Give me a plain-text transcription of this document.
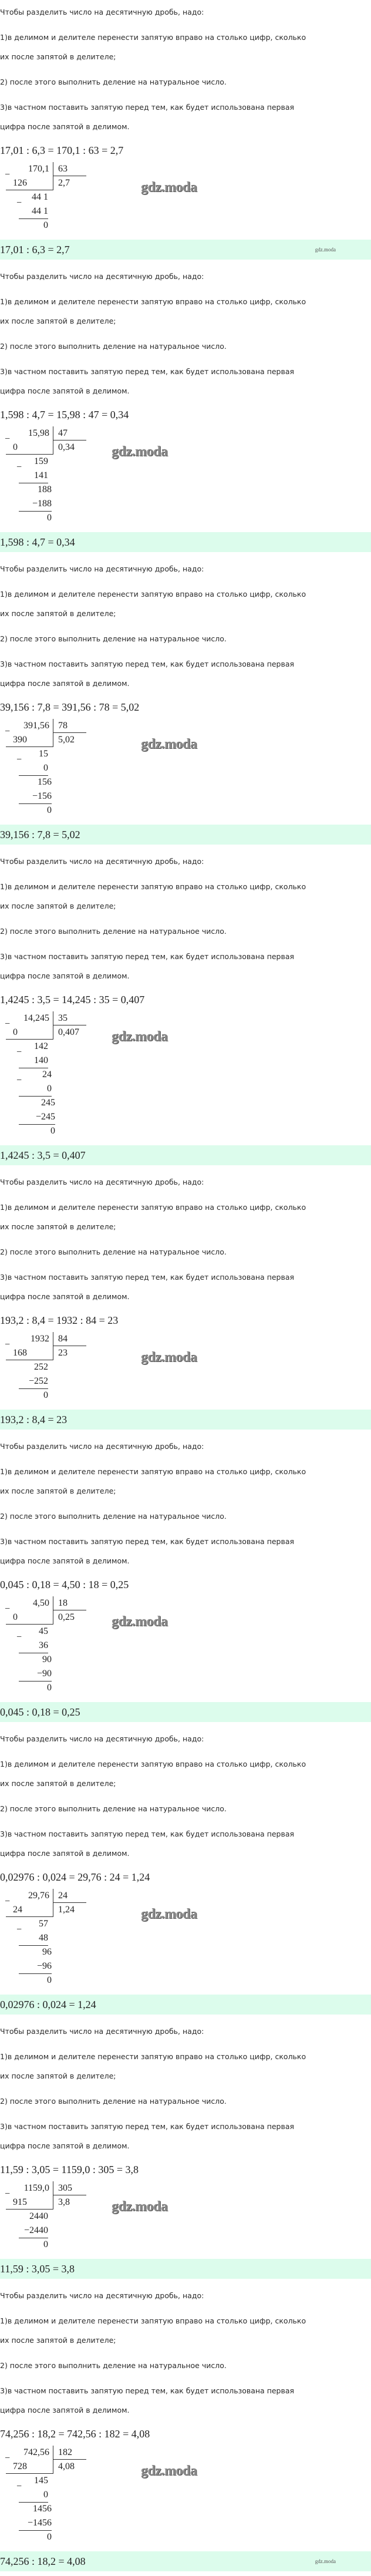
Чтобы разделить число на десятичную дробь, надо:

1)в делимом и делителе перенести запятую вправо на столько цифр, сколько
их после запятой в делителе;

2) после этого выполнить деление на натуральное число.

3)в частном поставить запятую перед тем, как будет использована первая
цифра после запятой в делимом.

17,01 : 6,3 = 170,1 : 63 = 2,7
170,1 63
−
126	2,7
44 1
−
44 1
0
gdz.moda
17,01 : 6,3 = 2,7	gdz.moda

Чтобы разделить число на десятичную дробь, надо:

1)в делимом и делителе перенести запятую вправо на столько цифр, сколько
их после запятой в делителе;

2) после этого выполнить деление на натуральное число.

3)в частном поставить запятую перед тем, как будет использована первая
цифра после запятой в делимом.

1,598 : 4,7 = 15,98 : 47 = 0,34
15,98 47
−
0	0,34
159
−
141
188
−188
0
gdz.moda
1,598 : 4,7 = 0,34

Чтобы разделить число на десятичную дробь, надо:

1)в делимом и делителе перенести запятую вправо на столько цифр, сколько
их после запятой в делителе;

2) после этого выполнить деление на натуральное число.

3)в частном поставить запятую перед тем, как будет использована первая
цифра после запятой в делимом.

39,156 : 7,8 = 391,56 : 78 = 5,02
391,56 78
−
390	5,02
15
−
0
156
−156
0
gdz.moda
39,156 : 7,8 = 5,02

Чтобы разделить число на десятичную дробь, надо:

1)в делимом и делителе перенести запятую вправо на столько цифр, сколько
их после запятой в делителе;

2) после этого выполнить деление на натуральное число.

3)в частном поставить запятую перед тем, как будет использована первая
цифра после запятой в делимом.

1,4245 : 3,5 = 14,245 : 35 = 0,407
14,245 35
−
0	0,407
142
−
140
24
−
0
245
−245
0
gdz.moda
1,4245 : 3,5 = 0,407

Чтобы разделить число на десятичную дробь, надо:

1)в делимом и делителе перенести запятую вправо на столько цифр, сколько
их после запятой в делителе;

2) после этого выполнить деление на натуральное число.

3)в частном поставить запятую перед тем, как будет использована первая
цифра после запятой в делимом.

193,2 : 8,4 = 1932 : 84 = 23
1932 84
−
168	23
252
−252
0
gdz.moda
193,2 : 8,4 = 23

Чтобы разделить число на десятичную дробь, надо:

1)в делимом и делителе перенести запятую вправо на столько цифр, сколько
их после запятой в делителе;

2) после этого выполнить деление на натуральное число.

3)в частном поставить запятую перед тем, как будет использована первая
цифра после запятой в делимом.

0,045 : 0,18 = 4,50 : 18 = 0,25
4,50 18
−
0	0,25
45
−
36
90
−90
0
gdz.moda
0,045 : 0,18 = 0,25

Чтобы разделить число на десятичную дробь, надо:

1)в делимом и делителе перенести запятую вправо на столько цифр, сколько
их после запятой в делителе;

2) после этого выполнить деление на натуральное число.

3)в частном поставить запятую перед тем, как будет использована первая
цифра после запятой в делимом.

0,02976 : 0,024 = 29,76 : 24 = 1,24
29,76 24
−
24	1,24
57
−
48
96
−96
0
gdz.moda
0,02976 : 0,024 = 1,24

Чтобы разделить число на десятичную дробь, надо:

1)в делимом и делителе перенести запятую вправо на столько цифр, сколько
их после запятой в делителе;

2) после этого выполнить деление на натуральное число.

3)в частном поставить запятую перед тем, как будет использована первая
цифра после запятой в делимом.

11,59 : 3,05 = 1159,0 : 305 = 3,8
1159,0 305
−
915	3,8
2440
−2440
0
gdz.moda
11,59 : 3,05 = 3,8

Чтобы разделить число на десятичную дробь, надо:

1)в делимом и делителе перенести запятую вправо на столько цифр, сколько
их после запятой в делителе;

2) после этого выполнить деление на натуральное число.

3)в частном поставить запятую перед тем, как будет использована первая
цифра после запятой в делимом.

74,256 : 18,2 = 742,56 : 182 = 4,08
742,56 182
−
728	4,08
145
−
0
1456
−1456
0
gdz.moda
74,256 : 18,2 = 4,08	gdz.moda
